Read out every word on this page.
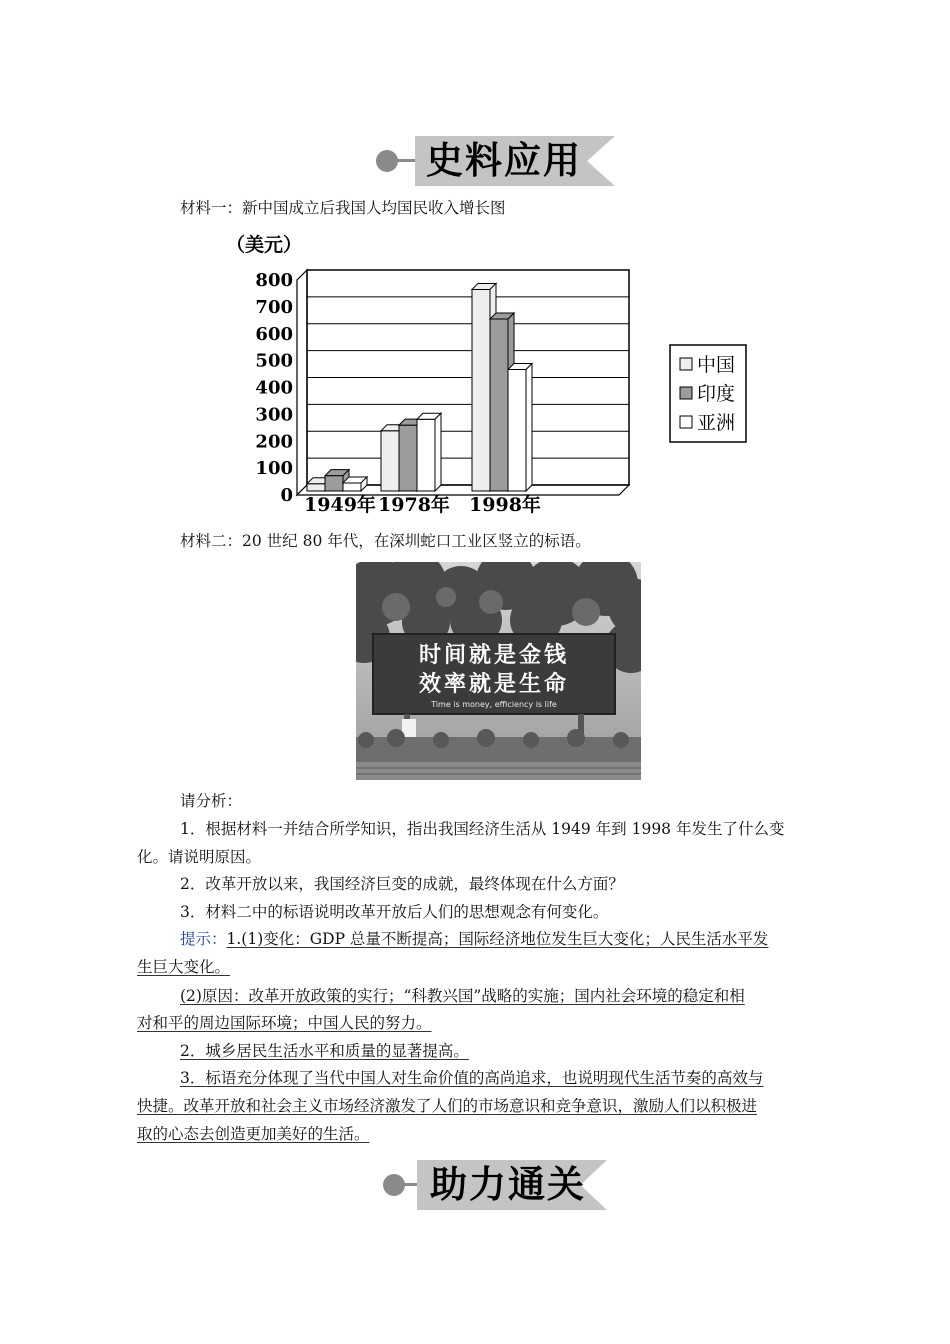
史料应用
材料一：新中国成立后我国人均国民收入增长图
（美元）
0
100
200
300
400
500
600
700
800
1949年 1978年 1998年
中国
印度
亚洲
材料二：20 世纪 80 年代，在深圳蛇口工业区竖立的标语。
时间就是金钱
效率就是生命
Time is money, efficiency is life
请分析：
1．根据材料一并结合所学知识，指出我国经济生活从 1949 年到 1998 年发生了什么变
化。请说明原因。
2．改革开放以来，我国经济巨变的成就，最终体现在什么方面？
3．材料二中的标语说明改革开放后人们的思想观念有何变化。
提示：1.(1)变化：GDP 总量不断提高；国际经济地位发生巨大变化；人民生活水平发
生巨大变化。
(2)原因：改革开放政策的实行；“科教兴国”战略的实施；国内社会环境的稳定和相
对和平的周边国际环境；中国人民的努力。
2．城乡居民生活水平和质量的显著提高。
3．标语充分体现了当代中国人对生命价值的高尚追求，也说明现代生活节奏的高效与
快捷。改革开放和社会主义市场经济激发了人们的市场意识和竞争意识，激励人们以积极进
取的心态去创造更加美好的生活。
助力通关
